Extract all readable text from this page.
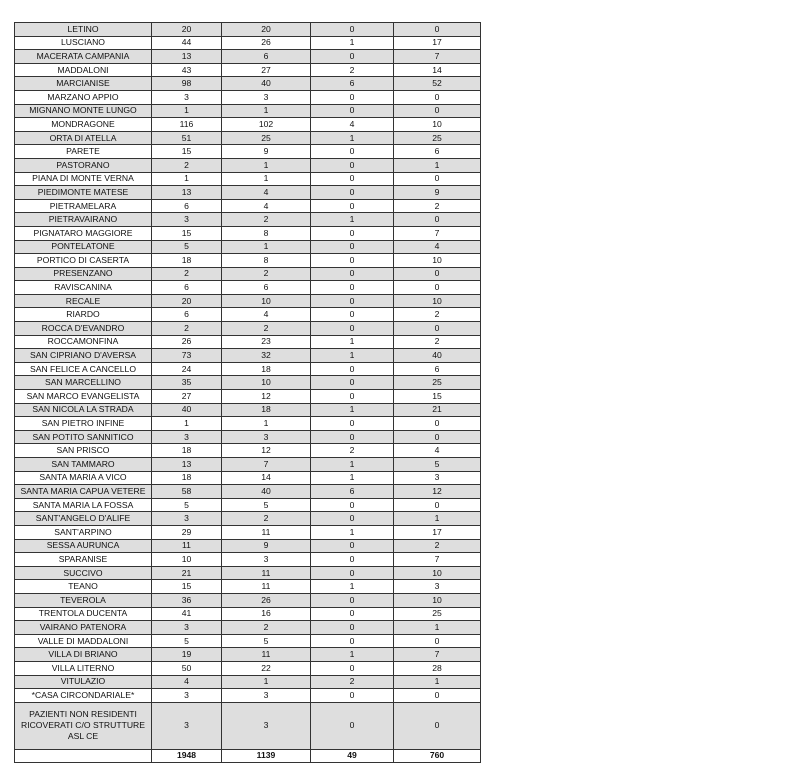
LETINO	20	20	0	0
LUSCIANO	44	26	1	17
MACERATA CAMPANIA	13	6	0	7
MADDALONI	43	27	2	14
MARCIANISE	98	40	6	52
MARZANO APPIO	3	3	0	0
MIGNANO MONTE LUNGO	1	1	0	0
MONDRAGONE	116	102	4	10
ORTA DI ATELLA	51	25	1	25
PARETE	15	9	0	6
PASTORANO	2	1	0	1
PIANA DI MONTE VERNA	1	1	0	0
PIEDIMONTE MATESE	13	4	0	9
PIETRAMELARA	6	4	0	2
PIETRAVAIRANO	3	2	1	0
PIGNATARO MAGGIORE	15	8	0	7
PONTELATONE	5	1	0	4
PORTICO DI CASERTA	18	8	0	10
PRESENZANO	2	2	0	0
RAVISCANINA	6	6	0	0
RECALE	20	10	0	10
RIARDO	6	4	0	2
ROCCA D'EVANDRO	2	2	0	0
ROCCAMONFINA	26	23	1	2
SAN CIPRIANO D'AVERSA	73	32	1	40
SAN FELICE A CANCELLO	24	18	0	6
SAN MARCELLINO	35	10	0	25
SAN MARCO EVANGELISTA	27	12	0	15
SAN NICOLA LA STRADA	40	18	1	21
SAN PIETRO INFINE	1	1	0	0
SAN POTITO SANNITICO	3	3	0	0
SAN PRISCO	18	12	2	4
SAN TAMMARO	13	7	1	5
SANTA MARIA A VICO	18	14	1	3
SANTA MARIA CAPUA VETERE	58	40	6	12
SANTA MARIA LA FOSSA	5	5	0	0
SANT'ANGELO D'ALIFE	3	2	0	1
SANT'ARPINO	29	11	1	17
SESSA AURUNCA	11	9	0	2
SPARANISE	10	3	0	7
SUCCIVO	21	11	0	10
TEANO	15	11	1	3
TEVEROLA	36	26	0	10
TRENTOLA DUCENTA	41	16	0	25
VAIRANO PATENORA	3	2	0	1
VALLE DI MADDALONI	5	5	0	0
VILLA DI BRIANO	19	11	1	7
VILLA LITERNO	50	22	0	28
VITULAZIO	4	1	2	1
*CASA CIRCONDARIALE*	3	3	0	0
PAZIENTI NON RESIDENTI RICOVERATI C/O STRUTTURE ASL CE	3	3	0	0
	1948	1139	49	760
